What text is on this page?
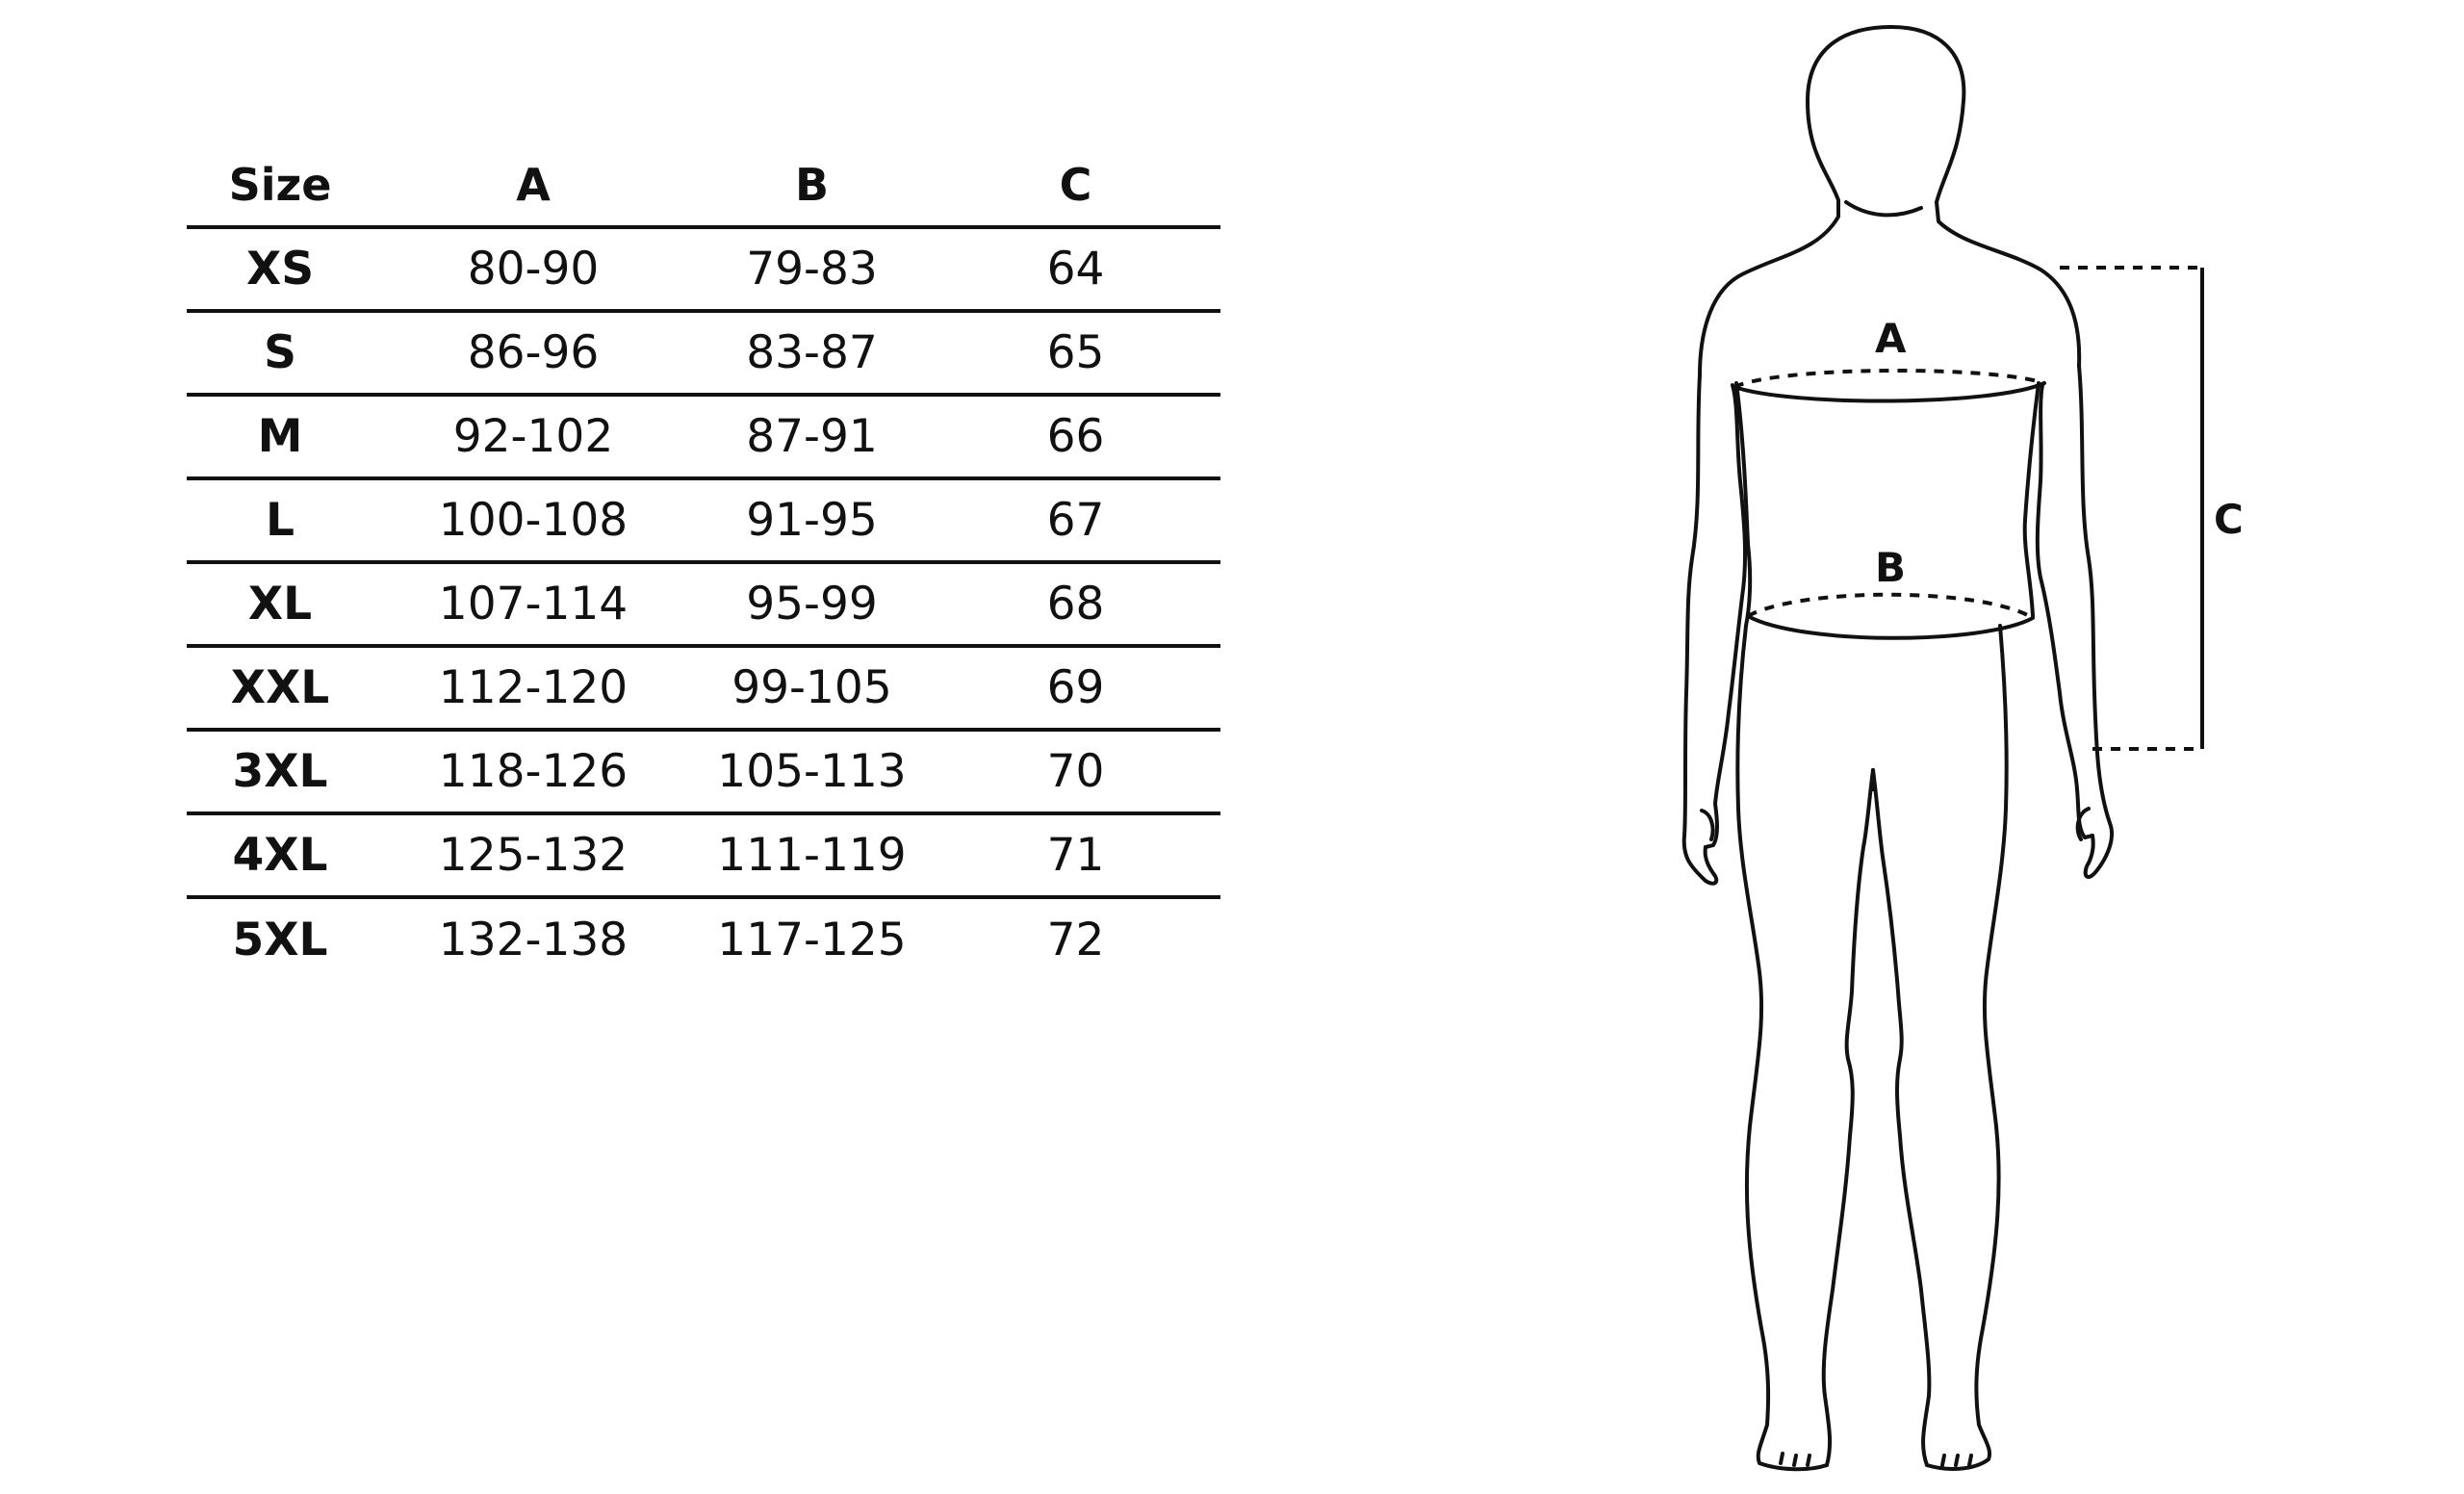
Size	A	B	C
XS	80-90	79-83	64
S	86-96	83-87	65
M	92-102	87-91	66
L	100-108	91-95	67
XL	107-114	95-99	68
XXL	112-120	99-105	69
3XL	118-126	105-113	70
4XL	125-132	111-119	71
5XL	132-138	117-125	72
A
B
C
